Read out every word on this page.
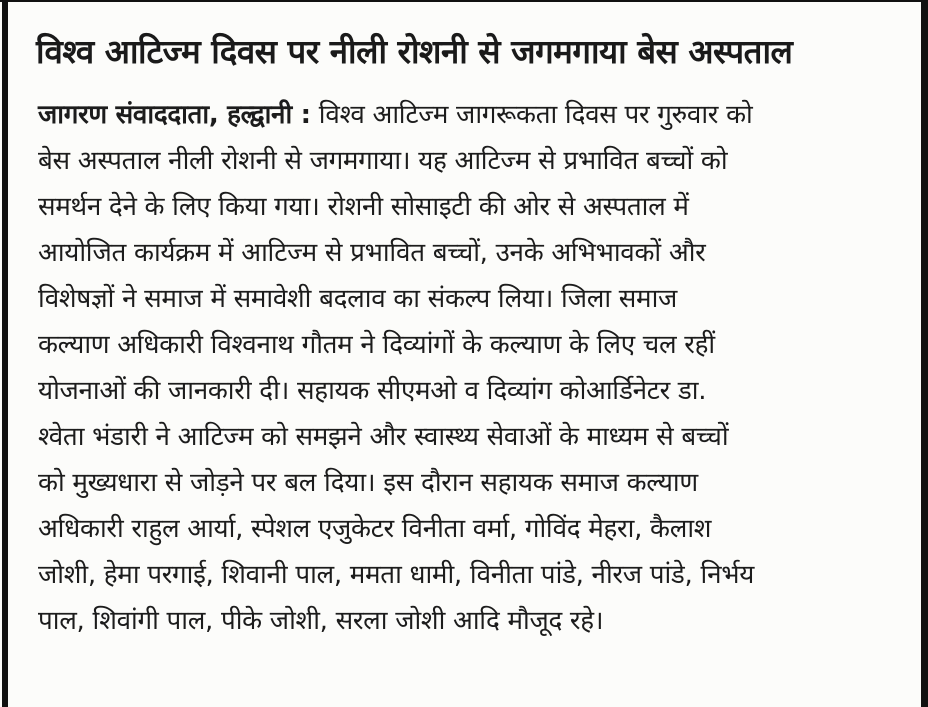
विश्व आटिज्म दिवस पर नीली रोशनी से जगमगाया बेस अस्पताल
जागरण संवाददाता, हल्द्वानी : विश्व आटिज्म जागरूकता दिवस पर गुरुवार को
बेस अस्पताल नीली रोशनी से जगमगाया। यह आटिज्म से प्रभावित बच्चों को
समर्थन देने के लिए किया गया। रोशनी सोसाइटी की ओर से अस्पताल में
आयोजित कार्यक्रम में आटिज्म से प्रभावित बच्चों, उनके अभिभावकों और
विशेषज्ञों ने समाज में समावेशी बदलाव का संकल्प लिया। जिला समाज
कल्याण अधिकारी विश्वनाथ गौतम ने दिव्यांगों के कल्याण के लिए चल रहीं
योजनाओं की जानकारी दी। सहायक सीएमओ व दिव्यांग कोआर्डिनेटर डा.
श्वेता भंडारी ने आटिज्म को समझने और स्वास्थ्य सेवाओं के माध्यम से बच्चों
को मुख्यधारा से जोड़ने पर बल दिया। इस दौरान सहायक समाज कल्याण
अधिकारी राहुल आर्या, स्पेशल एजुकेटर विनीता वर्मा, गोविंद मेहरा, कैलाश
जोशी, हेमा परगाई, शिवानी पाल, ममता धामी, विनीता पांडे, नीरज पांडे, निर्भय
पाल, शिवांगी पाल, पीके जोशी, सरला जोशी आदि मौजूद रहे।
